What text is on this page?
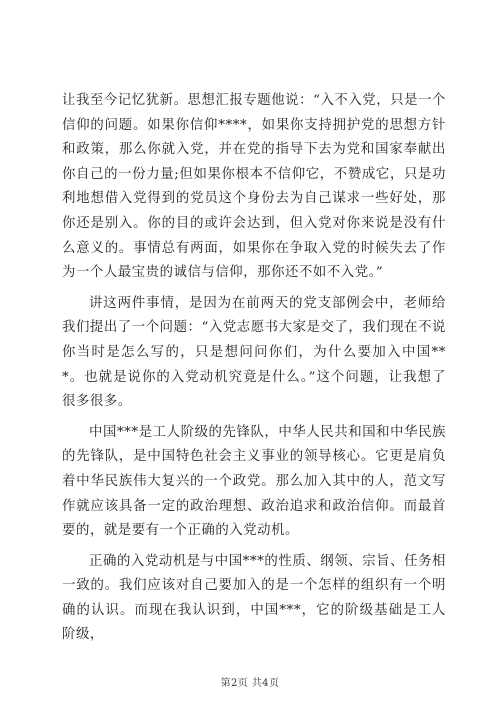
让我至今记忆犹新。思想汇报专题他说：“入不入党，只是一个信仰的问题。如果你信仰****，如果你支持拥护党的思想方针和政策，那么你就入党，并在党的指导下去为党和国家奉献出你自己的一份力量;但如果你根本不信仰它，不赞成它，只是功利地想借入党得到的党员这个身份去为自己谋求一些好处，那你还是别入。你的目的或许会达到，但入党对你来说是没有什么意义的。事情总有两面，如果你在争取入党的时候失去了作为一个人最宝贵的诚信与信仰，那你还不如不入党。”

讲这两件事情，是因为在前两天的党支部例会中，老师给我们提出了一个问题：“入党志愿书大家是交了，我们现在不说你当时是怎么写的，只是想问问你们，为什么要加入中国***。也就是说你的入党动机究竟是什么。”这个问题，让我想了很多很多。

中国***是工人阶级的先锋队，中华人民共和国和中华民族的先锋队，是中国特色社会主义事业的领导核心。它更是肩负着中华民族伟大复兴的一个政党。那么加入其中的人，范文写作就应该具备一定的政治理想、政治追求和政治信仰。而最首要的，就是要有一个正确的入党动机。

正确的入党动机是与中国***的性质、纲领、宗旨、任务相一致的。我们应该对自己要加入的是一个怎样的组织有一个明确的认识。而现在我认识到，中国***，它的阶级基础是工人阶级，

第2页 共4页
